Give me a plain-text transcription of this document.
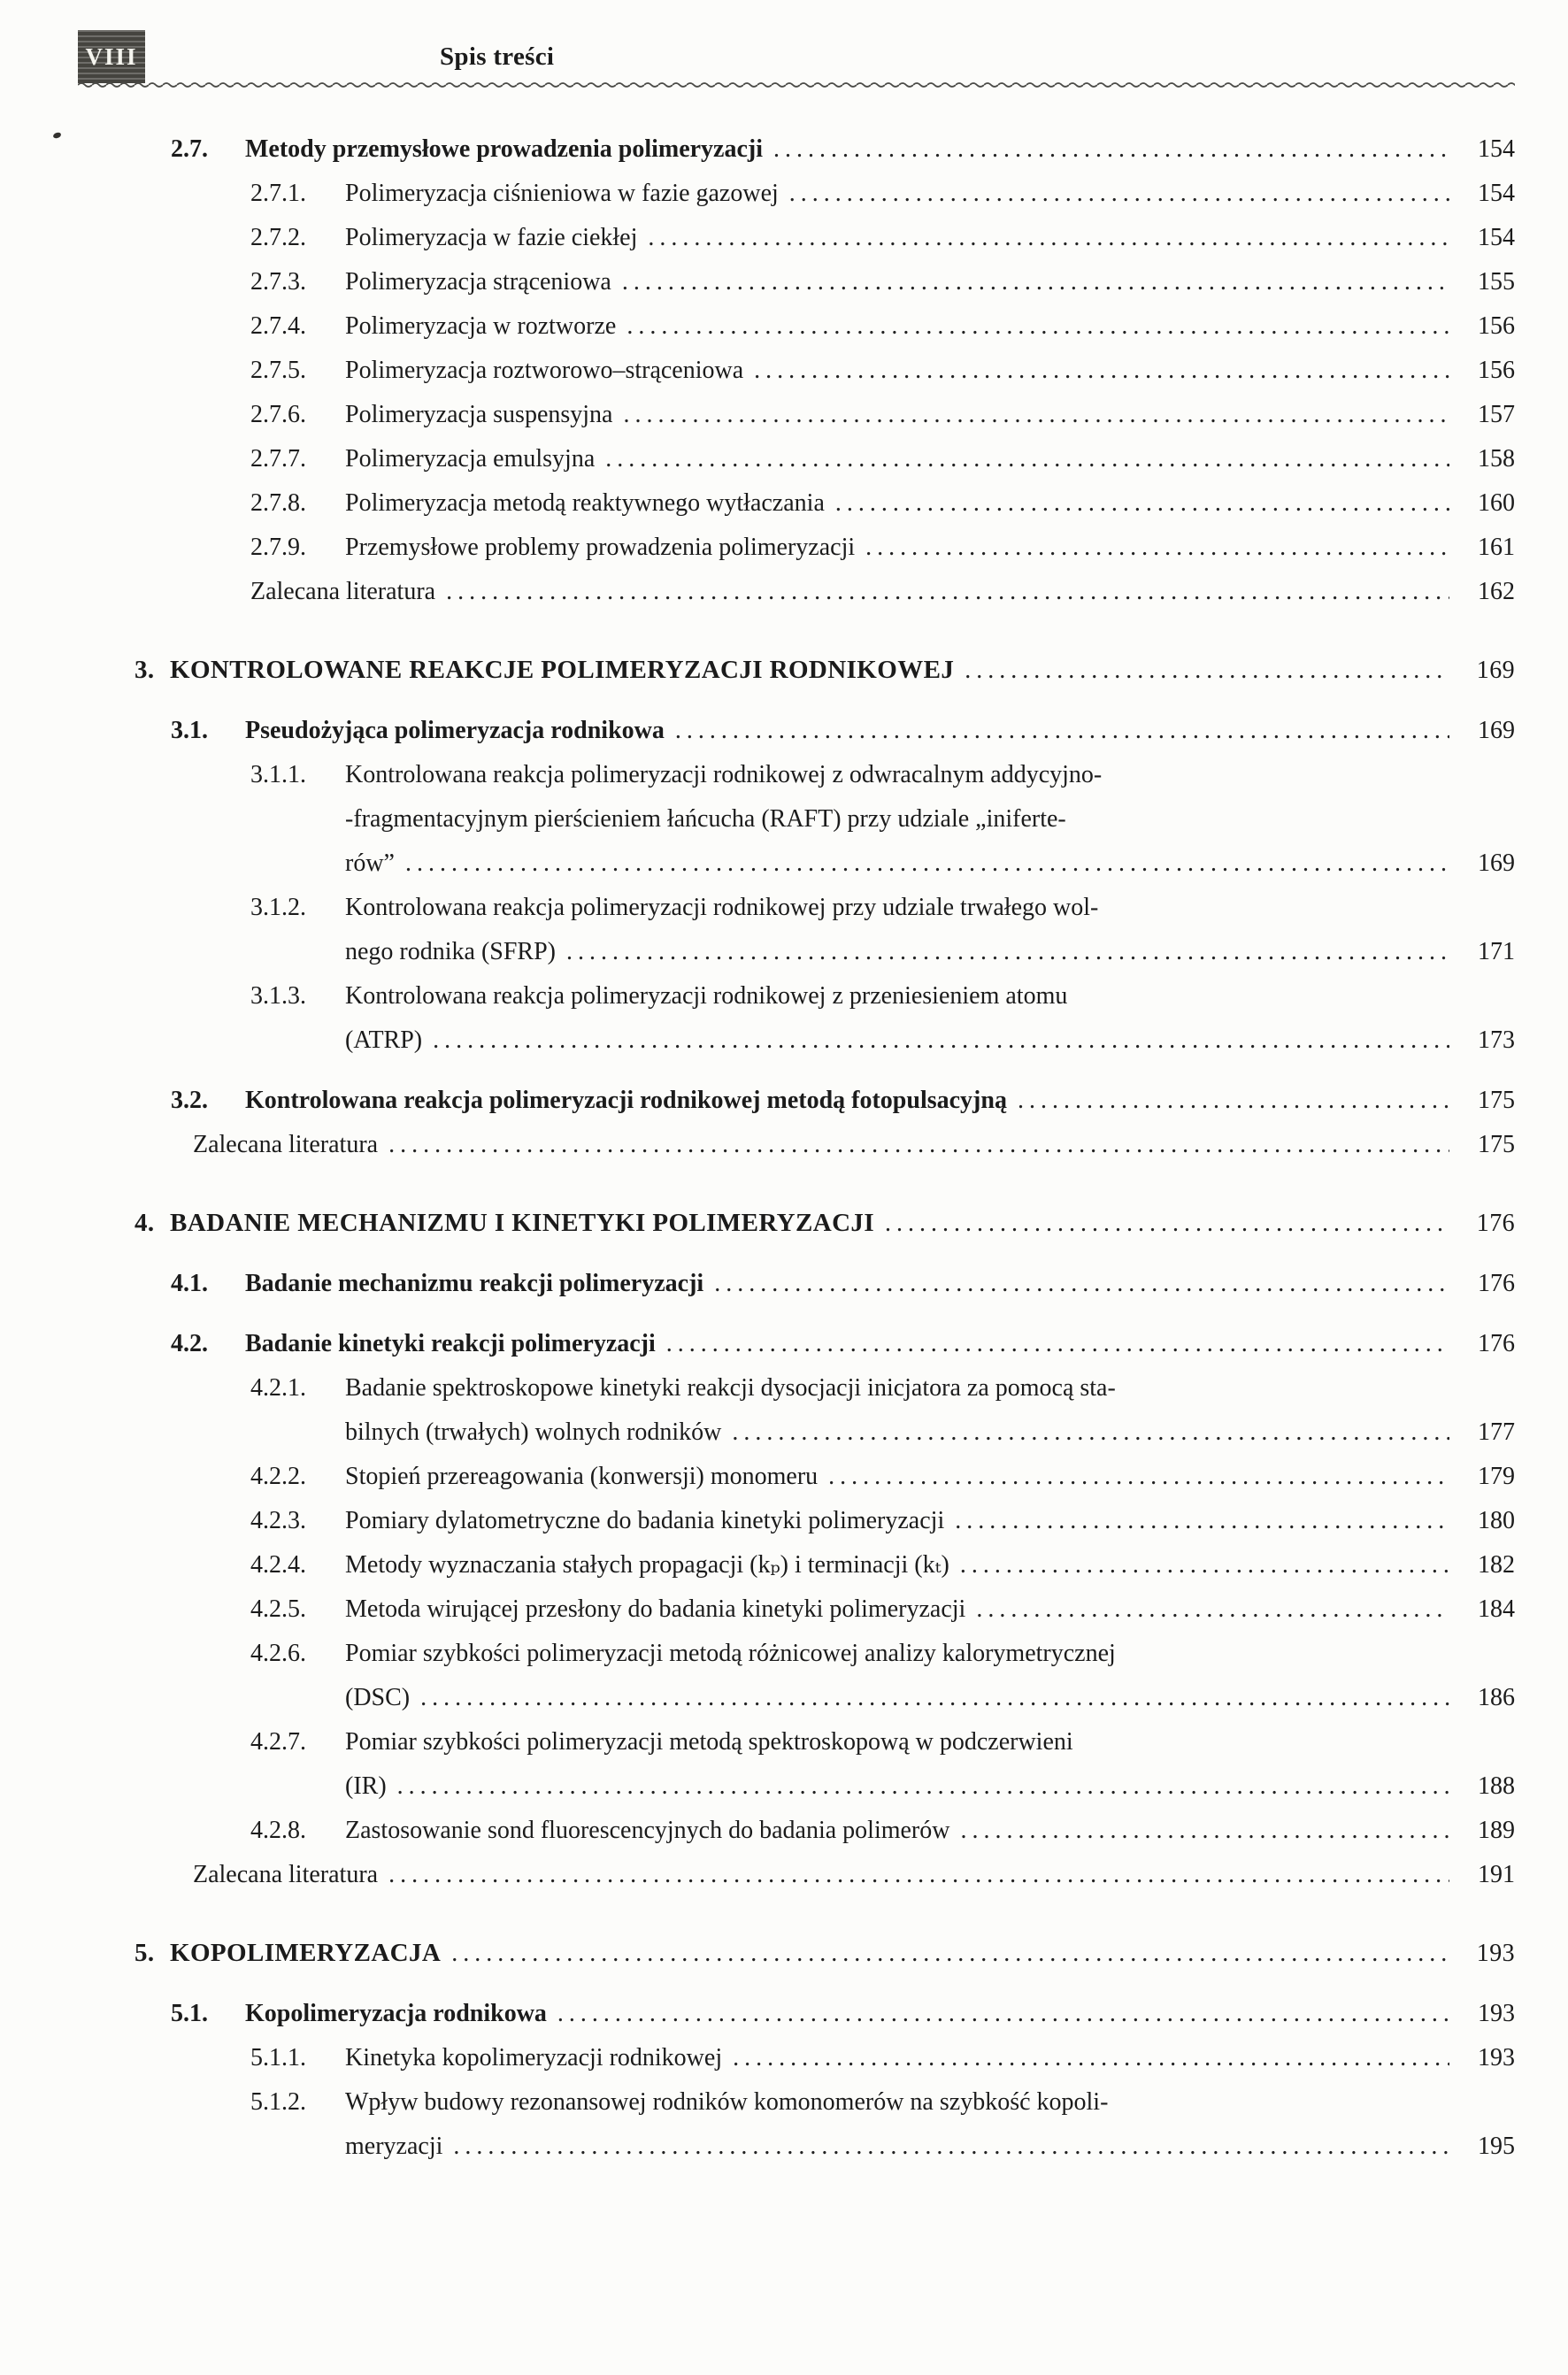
VIII	Spis treści
2.7.	Metody przemysłowe prowadzenia polimeryzacji .....	154
2.7.1.	Polimeryzacja ciśnieniowa w fazie gazowej .....	154
2.7.2.	Polimeryzacja w fazie ciekłej .....	154
2.7.3.	Polimeryzacja strąceniowa .....	155
2.7.4.	Polimeryzacja w roztworze .....	156
2.7.5.	Polimeryzacja roztworowo–strąceniowa .....	156
2.7.6.	Polimeryzacja suspensyjna .....	157
2.7.7.	Polimeryzacja emulsyjna .....	158
2.7.8.	Polimeryzacja metodą reaktywnego wytłaczania .....	160
2.7.9.	Przemysłowe problemy prowadzenia polimeryzacji .....	161
Zalecana literatura .....	162
3. KONTROLOWANE REAKCJE POLIMERYZACJI RODNIKOWEJ .....	169
3.1.	Pseudożyjąca polimeryzacja rodnikowa .....	169
3.1.1.	Kontrolowana reakcja polimeryzacji rodnikowej z odwracalnym addycyjno-
-fragmentacyjnym pierścieniem łańcucha (RAFT) przy udziale „iniferte-
rów” .....	169
3.1.2.	Kontrolowana reakcja polimeryzacji rodnikowej przy udziale trwałego wol-
nego rodnika (SFRP) .....	171
3.1.3.	Kontrolowana reakcja polimeryzacji rodnikowej z przeniesieniem atomu
(ATRP) .....	173
3.2.	Kontrolowana reakcja polimeryzacji rodnikowej metodą fotopulsacyjną .....	175
Zalecana literatura .....	175
4. BADANIE MECHANIZMU I KINETYKI POLIMERYZACJI .....	176
4.1.	Badanie mechanizmu reakcji polimeryzacji .....	176
4.2.	Badanie kinetyki reakcji polimeryzacji .....	176
4.2.1.	Badanie spektroskopowe kinetyki reakcji dysocjacji inicjatora za pomocą sta-
bilnych (trwałych) wolnych rodników .....	177
4.2.2.	Stopień przereagowania (konwersji) monomeru .....	179
4.2.3.	Pomiary dylatometryczne do badania kinetyki polimeryzacji .....	180
4.2.4.	Metody wyznaczania stałych propagacji (kₚ) i terminacji (kₜ) .....	182
4.2.5.	Metoda wirującej przesłony do badania kinetyki polimeryzacji .....	184
4.2.6.	Pomiar szybkości polimeryzacji metodą różnicowej analizy kalorymetrycznej
(DSC) .....	186
4.2.7.	Pomiar szybkości polimeryzacji metodą spektroskopową w podczerwieni
(IR) .....	188
4.2.8.	Zastosowanie sond fluorescencyjnych do badania polimerów .....	189
Zalecana literatura .....	191
5. KOPOLIMERYZACJA .....	193
5.1.	Kopolimeryzacja rodnikowa .....	193
5.1.1.	Kinetyka kopolimeryzacji rodnikowej .....	193
5.1.2.	Wpływ budowy rezonansowej rodników komonomerów na szybkość kopoli-
meryzacji .....	195
